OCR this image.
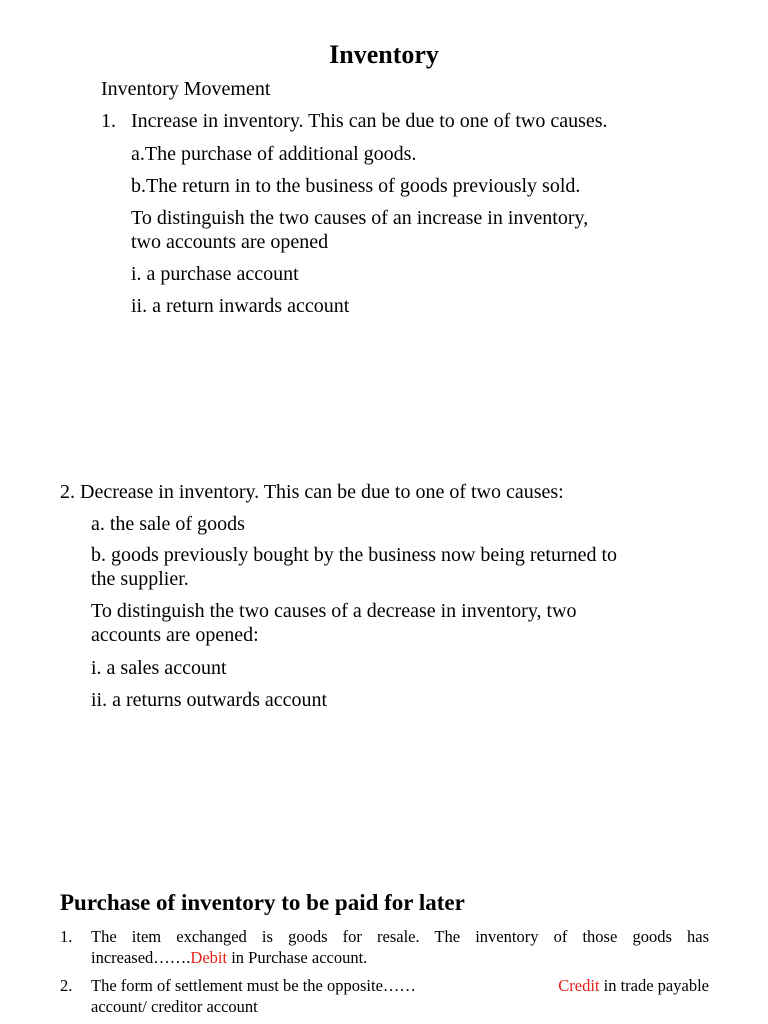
Inventory
Inventory Movement
1. Increase in inventory. This can be due to one of two causes.
a.The purchase of additional goods.
b.The return in to the business of goods previously sold.
To distinguish the two causes of an increase in inventory,
two accounts are opened
i. a purchase account
ii. a return inwards account
2. Decrease in inventory. This can be due to one of two causes:
a. the sale of goods
b. goods previously bought by the business now being returned to
the supplier.
To distinguish the two causes of a decrease in inventory, two
accounts are opened:
i. a sales account
ii. a returns outwards account
Purchase of inventory to be paid for later
1. The item exchanged is goods for resale. The inventory of those goods has
increased…….Debit in Purchase account.
2. The form of settlement must be the opposite……	Credit in trade payable
account/ creditor account
